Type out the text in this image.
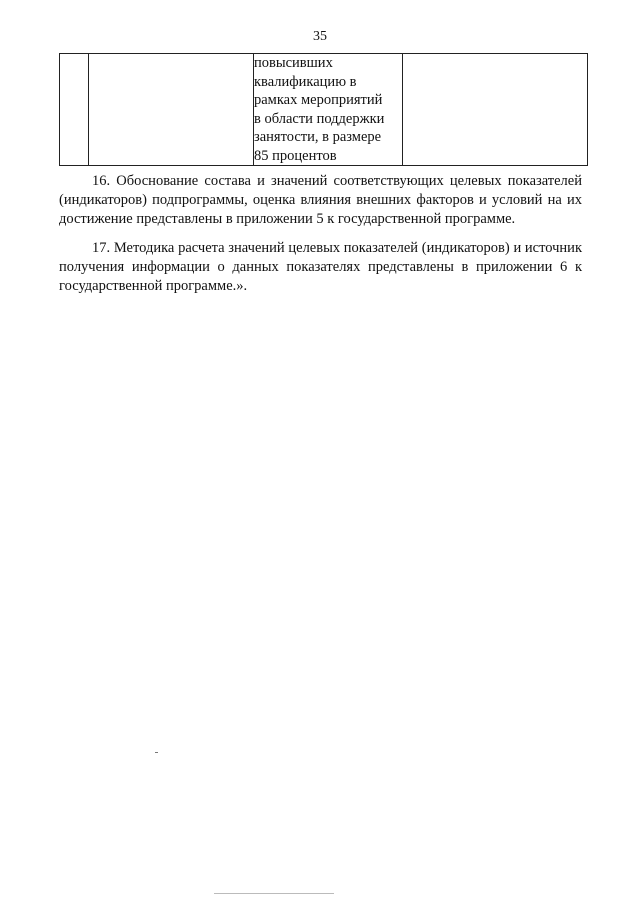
35

повысивших
квалификацию в
рамках мероприятий
в области поддержки
занятости, в размере
85 процентов

16. Обоснование состава и значений соответствующих целевых показателей (индикаторов) подпрограммы, оценка влияния внешних факторов и условий на их достижение представлены в приложении 5 к государственной программе.

17. Методика расчета значений целевых показателей (индикаторов) и источник получения информации о данных показателях представлены в приложении 6 к государственной программе.».
